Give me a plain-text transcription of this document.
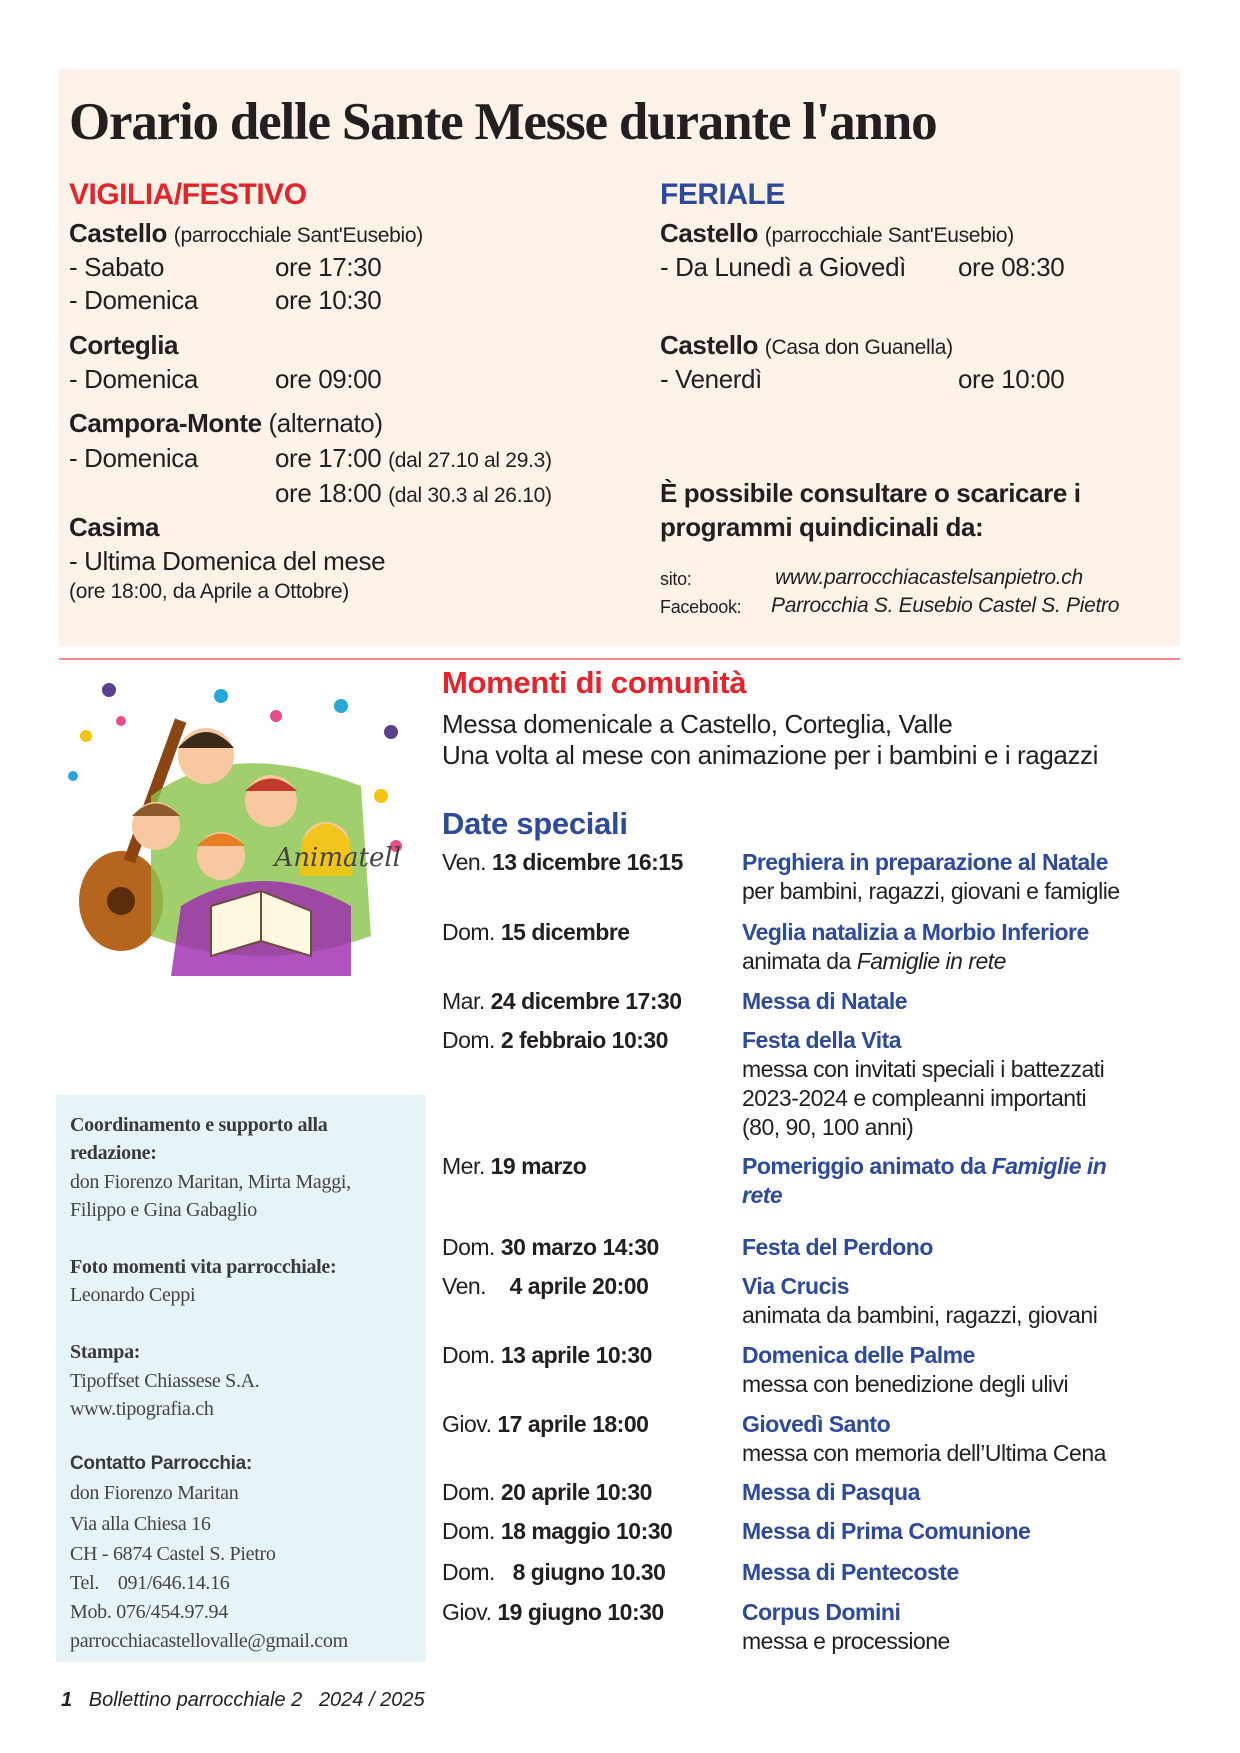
Orario delle Sante Messe durante l'anno
VIGILIA/FESTIVO
Castello (parrocchiale Sant'Eusebio)
- Sabato	ore 17:30
- Domenica	ore 10:30
Corteglia
- Domenica	ore 09:00
Campora-Monte (alternato)
- Domenica	ore 17:00 (dal 27.10 al 29.3)
ore 18:00 (dal 30.3 al 26.10)
Casima
- Ultima Domenica del mese
(ore 18:00, da Aprile a Ottobre)
FERIALE
Castello (parrocchiale Sant'Eusebio)
- Da Lunedì a Giovedì ore 08:30
Castello (Casa don Guanella)
- Venerdì	ore 10:00
È possibile consultare o scaricare i
programmi quindicinali da:
sito:	www.parrocchiacastelsanpietro.ch
Facebook: Parrocchia S. Eusebio Castel S. Pietro
Animatell
Momenti di comunità
Messa domenicale a Castello, Corteglia, Valle
Una volta al mese con animazione per i bambini e i ragazzi
Date speciali
Ven. 13 dicembre 16:15	Preghiera in preparazione al Natale
per bambini, ragazzi, giovani e famiglie
Dom. 15 dicembre	Veglia natalizia a Morbio Inferiore
animata da Famiglie in rete
Mar. 24 dicembre 17:30	Messa di Natale
Dom. 2 febbraio 10:30	Festa della Vita
messa con invitati speciali i battezzati
2023-2024 e compleanni importanti
(80, 90, 100 anni)
Mer. 19 marzo	Pomeriggio animato da Famiglie in
rete
Dom. 30 marzo 14:30	Festa del Perdono
Ven. 4 aprile 20:00	Via Crucis
animata da bambini, ragazzi, giovani
Dom. 13 aprile 10:30	Domenica delle Palme
messa con benedizione degli ulivi
Giov. 17 aprile 18:00	Giovedì Santo
messa con memoria dell’Ultima Cena
Dom. 20 aprile 10:30	Messa di Pasqua
Dom. 18 maggio 10:30	Messa di Prima Comunione
Dom. 8 giugno 10.30	Messa di Pentecoste
Giov. 19 giugno 10:30	Corpus Domini
messa e processione
Coordinamento e supporto alla
redazione:
don Fiorenzo Maritan, Mirta Maggi,
Filippo e Gina Gabaglio
Foto momenti vita parrocchiale:
Leonardo Ceppi
Stampa:
Tipoffset Chiassese S.A.
www.tipografia.ch
Contatto Parrocchia:
don Fiorenzo Maritan
Via alla Chiesa 16
CH - 6874 Castel S. Pietro
Tel.    091/646.14.16
Mob. 076/454.97.94
parrocchiacastellovalle@gmail.com
1 Bollettino parrocchiale 2 2024 / 2025
